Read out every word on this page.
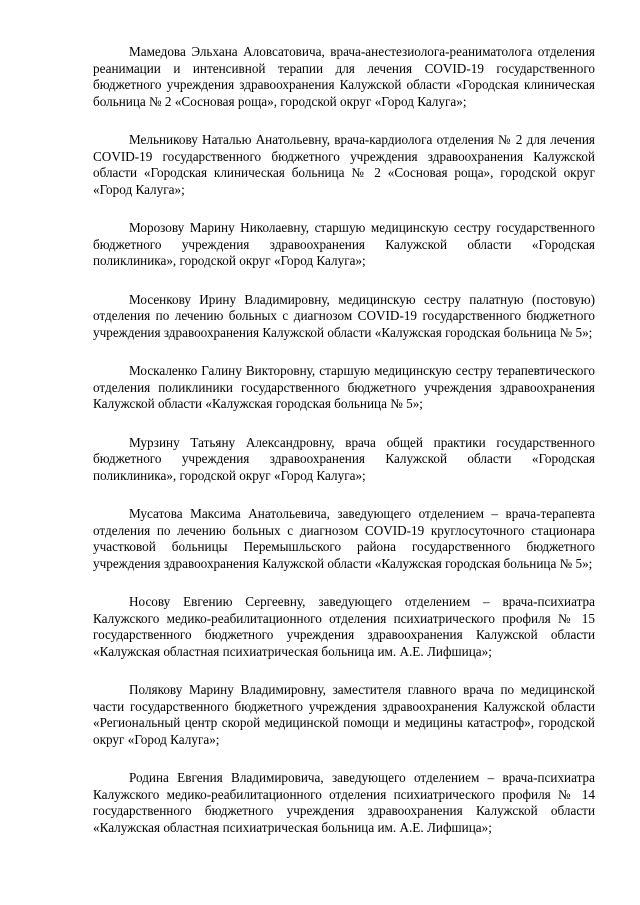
Мамедова Эльхана Аловсатовича, врача-анестезиолога-реаниматолога отделения реанимации и интенсивной терапии для лечения COVID-19 государственного бюджетного учреждения здравоохранения Калужской области «Городская клиническая больница № 2 «Сосновая роща», городской округ «Город Калуга»;

Мельникову Наталью Анатольевну, врача-кардиолога отделения № 2 для лечения COVID-19 государственного бюджетного учреждения здравоохранения Калужской области «Городская клиническая больница № 2 «Сосновая роща», городской округ «Город Калуга»;

Морозову Марину Николаевну, старшую медицинскую сестру государственного бюджетного учреждения здравоохранения Калужской области «Городская поликлиника», городской округ «Город Калуга»;

Мосенкову Ирину Владимировну, медицинскую сестру палатную (постовую) отделения по лечению больных с диагнозом COVID-19 государственного бюджетного учреждения здравоохранения Калужской области «Калужская городская больница № 5»;

Москаленко Галину Викторовну, старшую медицинскую сестру терапевтического отделения поликлиники государственного бюджетного учреждения здравоохранения Калужской области «Калужская городская больница № 5»;

Мурзину Татьяну Александровну, врача общей практики государственного бюджетного учреждения здравоохранения Калужской области «Городская поликлиника», городской округ «Город Калуга»;

Мусатова Максима Анатольевича, заведующего отделением – врача-терапевта отделения по лечению больных с диагнозом COVID-19 круглосуточного стационара участковой больницы Перемышльского района государственного бюджетного учреждения здравоохранения Калужской области «Калужская городская больница № 5»;

Носову Евгению Сергеевну, заведующего отделением – врача-психиатра Калужского медико-реабилитационного отделения психиатрического профиля № 15 государственного бюджетного учреждения здравоохранения Калужской области «Калужская областная психиатрическая больница им. А.Е. Лифшица»;

Полякову Марину Владимировну, заместителя главного врача по медицинской части государственного бюджетного учреждения здравоохранения Калужской области «Региональный центр скорой медицинской помощи и медицины катастроф», городской округ «Город Калуга»;

Родина Евгения Владимировича, заведующего отделением – врача-психиатра Калужского медико-реабилитационного отделения психиатрического профиля № 14 государственного бюджетного учреждения здравоохранения Калужской области «Калужская областная психиатрическая больница им. А.Е. Лифшица»;
